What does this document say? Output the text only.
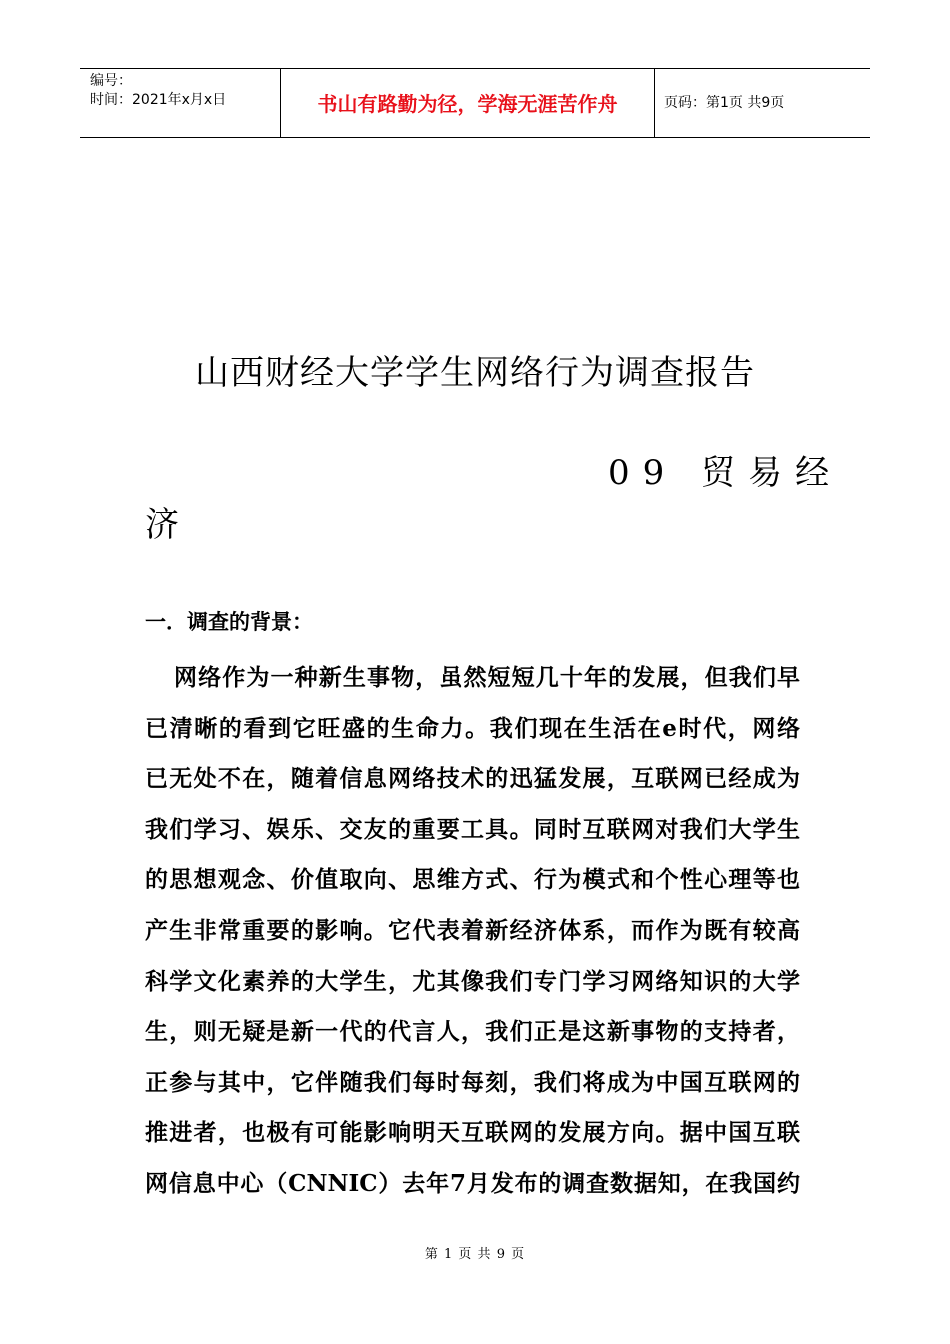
编号：
时间：2021年x月x日	书山有路勤为径，学海无涯苦作舟	页码：第1页 共9页
山西财经大学学生网络行为调查报告
09 贸易经
济
一．调查的背景：
网络作为一种新生事物，虽然短短几十年的发展，但我们早
已清晰的看到它旺盛的生命力。我们现在生活在e时代，网络
已无处不在，随着信息网络技术的迅猛发展，互联网已经成为
我们学习、娱乐、交友的重要工具。同时互联网对我们大学生
的思想观念、价值取向、思维方式、行为模式和个性心理等也
产生非常重要的影响。它代表着新经济体系，而作为既有较高
科学文化素养的大学生，尤其像我们专门学习网络知识的大学
生，则无疑是新一代的代言人，我们正是这新事物的支持者，
正参与其中，它伴随我们每时每刻，我们将成为中国互联网的
推进者，也极有可能影响明天互联网的发展方向。据中国互联
网信息中心（CNNIC）去年7月发布的调查数据知，在我国约
第 1 页 共 9 页
